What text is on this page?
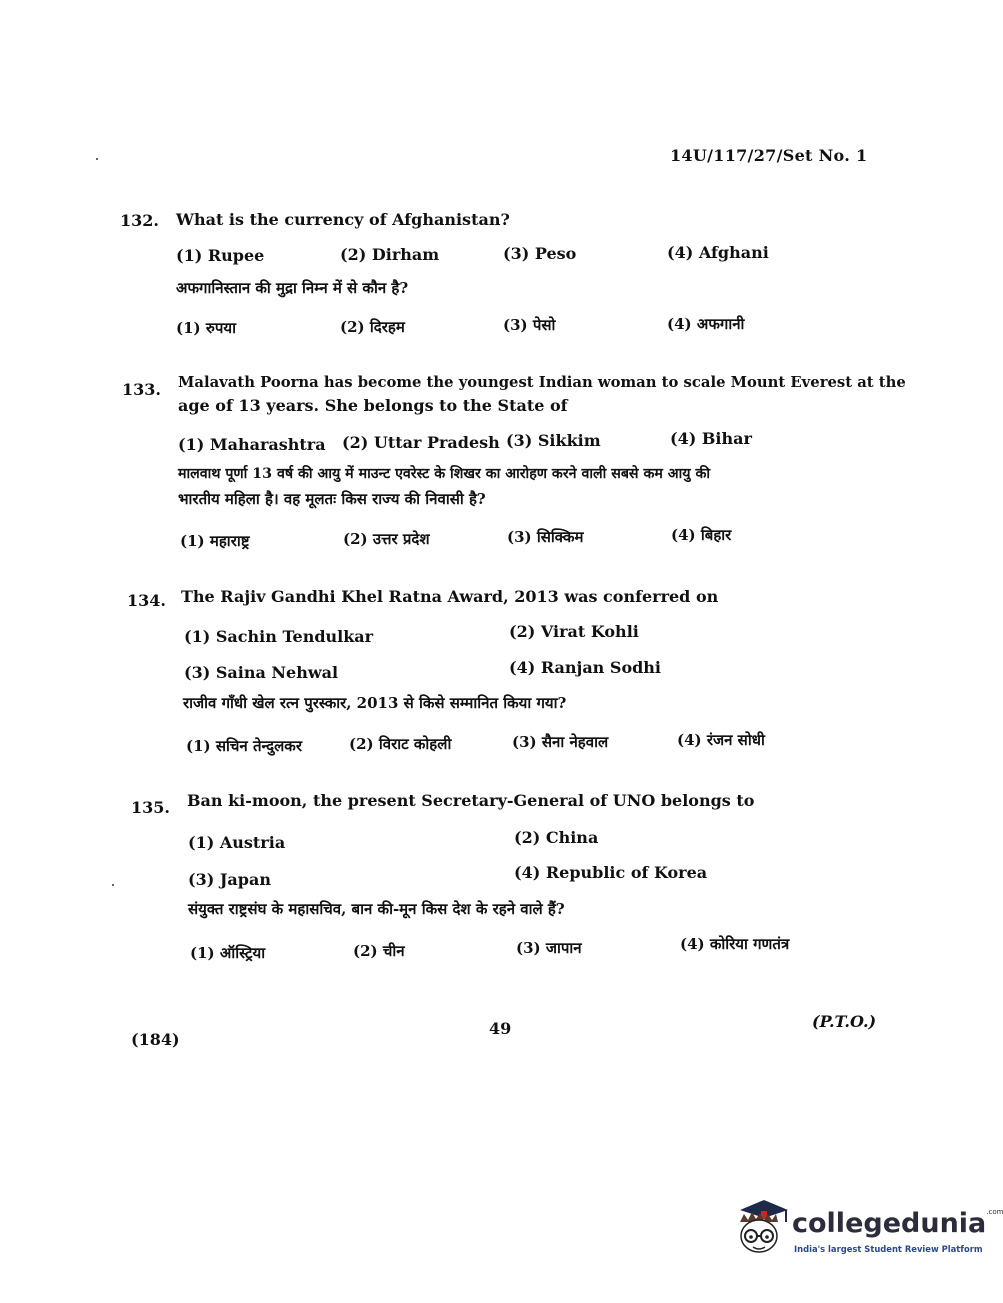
14U/117/27/Set No. 1
132. What is the currency of Afghanistan?
(1) Rupee	(2) Dirham	(3) Peso	(4) Afghani
अफगानिस्तान की मुद्रा निम्न में से कौन है?
(1) रुपया	(2) दिरहम	(3) पेसो	(4) अफगानी
133. Malavath Poorna has become the youngest Indian woman to scale Mount Everest at the
age of 13 years. She belongs to the State of
(1) Maharashtra (2) Uttar Pradesh (3) Sikkim	(4) Bihar
मालवाथ पूर्णा 13 वर्ष की आयु में माउन्ट एवरेस्ट के शिखर का आरोहण करने वाली सबसे कम आयु की
भारतीय महिला है। वह मूलतः किस राज्य की निवासी है?
(1) महाराष्ट्र	(2) उत्तर प्रदेश	(3) सिक्किम	(4) बिहार
134. The Rajiv Gandhi Khel Ratna Award, 2013 was conferred on
(1) Sachin Tendulkar	(2) Virat Kohli
(3) Saina Nehwal	(4) Ranjan Sodhi
राजीव गाँधी खेल रत्न पुरस्कार, 2013 से किसे सम्मानित किया गया?
(1) सचिन तेन्दुलकर	(2) विराट कोहली	(3) सैना नेहवाल	(4) रंजन सोधी
135. Ban ki-moon, the present Secretary-General of UNO belongs to
(1) Austria	(2) China
(3) Japan	(4) Republic of Korea
संयुक्त राष्ट्रसंघ के महासचिव, बान की-मून किस देश के रहने वाले हैं?
(1) ऑस्ट्रिया	(2) चीन	(3) जापान	(4) कोरिया गणतंत्र
(184)
49	(P.T.O.)
collegedunia$^{.com}$
India's largest Student Review Platform
